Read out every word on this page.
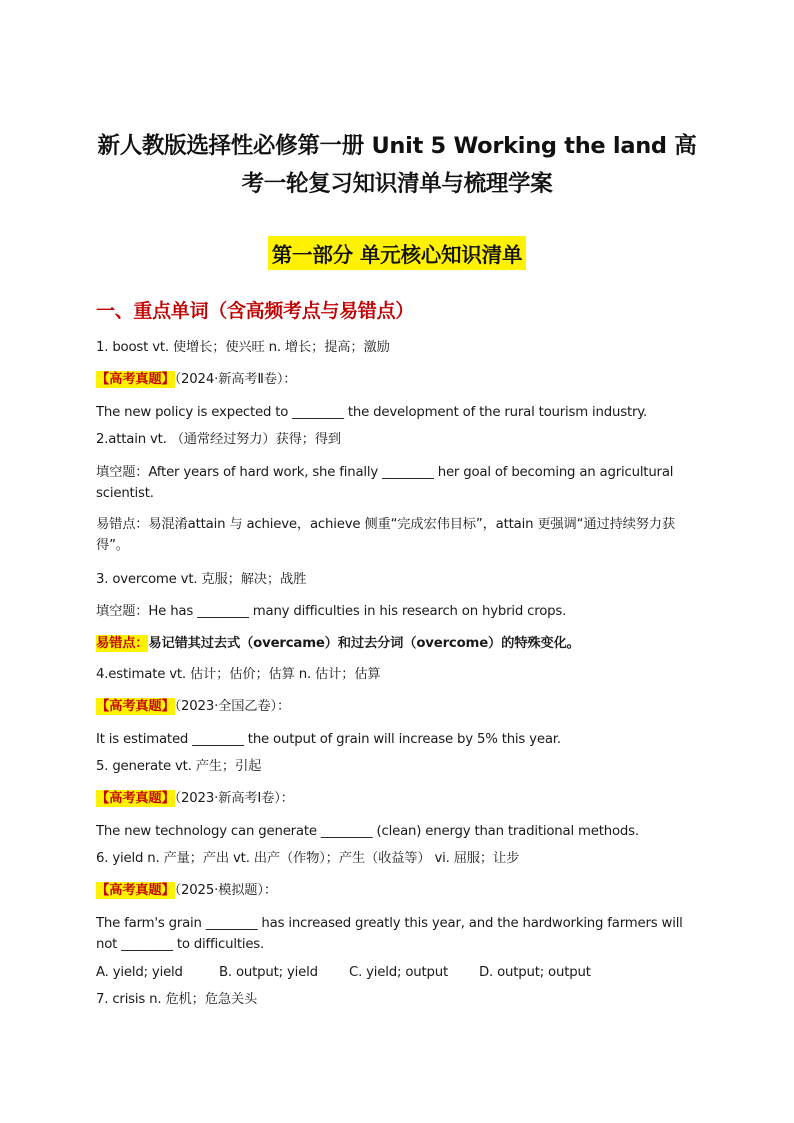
新人教版选择性必修第一册 Unit 5 Working the land 高
考一轮复习知识清单与梳理学案
第一部分 单元核心知识清单
一、重点单词（含高频考点与易错点）
1. boost vt. 使增长；使兴旺 n. 增长；提高；激励
【高考真题】（2024·新高考Ⅱ卷）：
The new policy is expected to ________ the development of the rural tourism industry.
2.attain vt. （通常经过努力）获得；得到
填空题：After years of hard work, she finally ________ her goal of becoming an agricultural scientist.
易错点：易混淆attain 与 achieve，achieve 侧重“完成宏伟目标”，attain 更强调“通过持续努力获得”。
3. overcome vt. 克服；解决；战胜
填空题：He has ________ many difficulties in his research on hybrid crops.
易错点：易记错其过去式（overcame）和过去分词（overcome）的特殊变化。
4.estimate vt. 估计；估价；估算 n. 估计；估算
【高考真题】（2023·全国乙卷）：
It is estimated ________ the output of grain will increase by 5% this year.
5. generate vt. 产生；引起
【高考真题】（2023·新高考Ⅰ卷）：
The new technology can generate ________ (clean) energy than traditional methods.
6. yield n. 产量；产出 vt. 出产（作物）；产生（收益等） vi. 屈服；让步
【高考真题】（2025·模拟题）：
The farm's grain ________ has increased greatly this year, and the hardworking farmers will not ________ to difficulties.
A. yield; yield	B. output; yield C. yield; output D. output; output
7. crisis n. 危机；危急关头
